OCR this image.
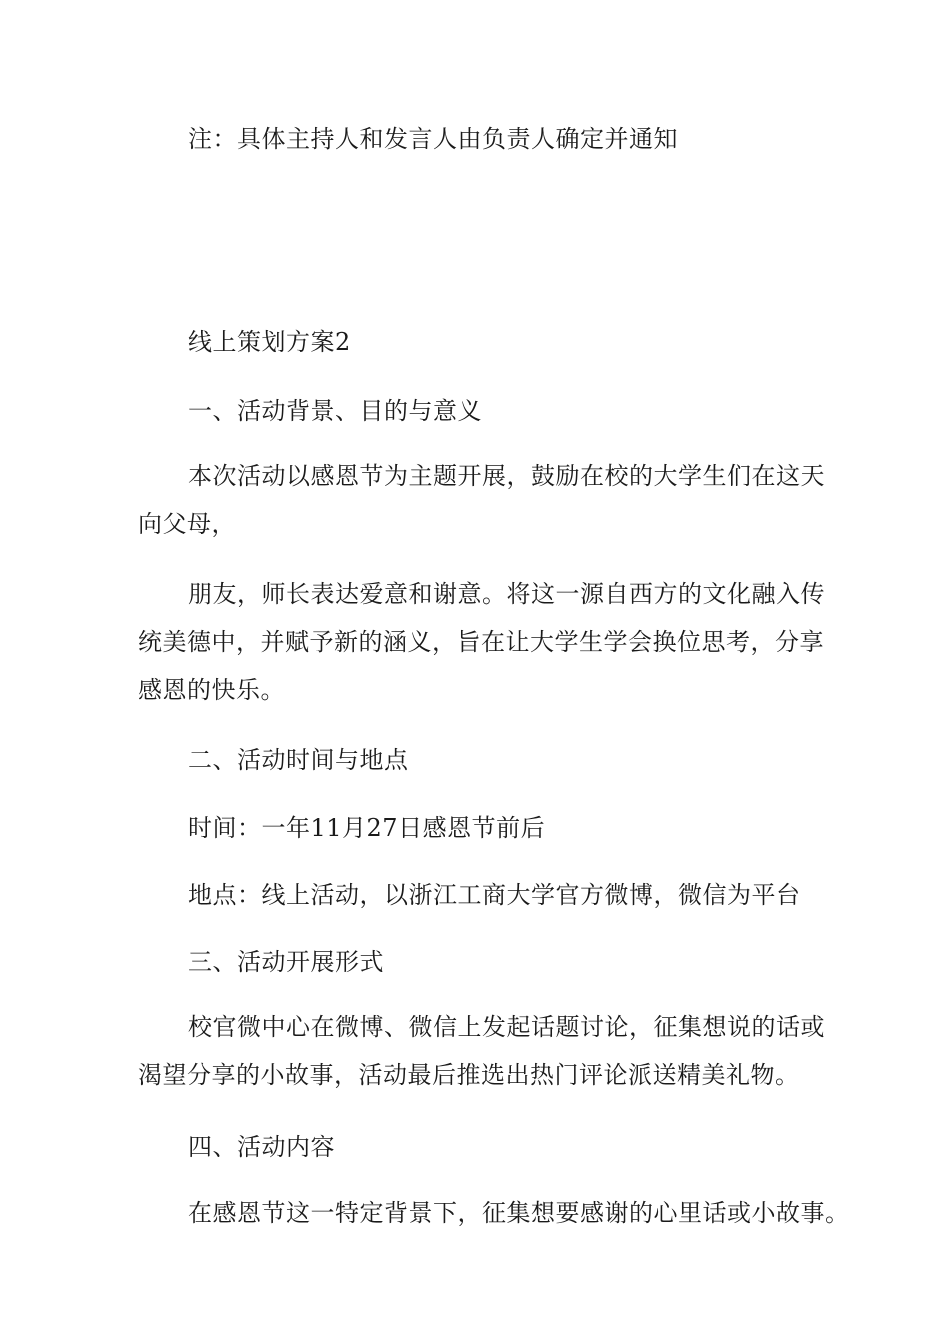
注：具体主持人和发言人由负责人确定并通知
线上策划方案2
一、活动背景、目的与意义
本次活动以感恩节为主题开展，鼓励在校的大学生们在这天向父母，
朋友，师长表达爱意和谢意。将这一源自西方的文化融入传统美德中，并赋予新的涵义，旨在让大学生学会换位思考，分享感恩的快乐。
二、活动时间与地点
时间：一年11月27日感恩节前后
地点：线上活动，以浙江工商大学官方微博，微信为平台
三、活动开展形式
校官微中心在微博、微信上发起话题讨论，征集想说的话或渴望分享的小故事，活动最后推选出热门评论派送精美礼物。
四、活动内容
在感恩节这一特定背景下，征集想要感谢的心里话或小故事。
